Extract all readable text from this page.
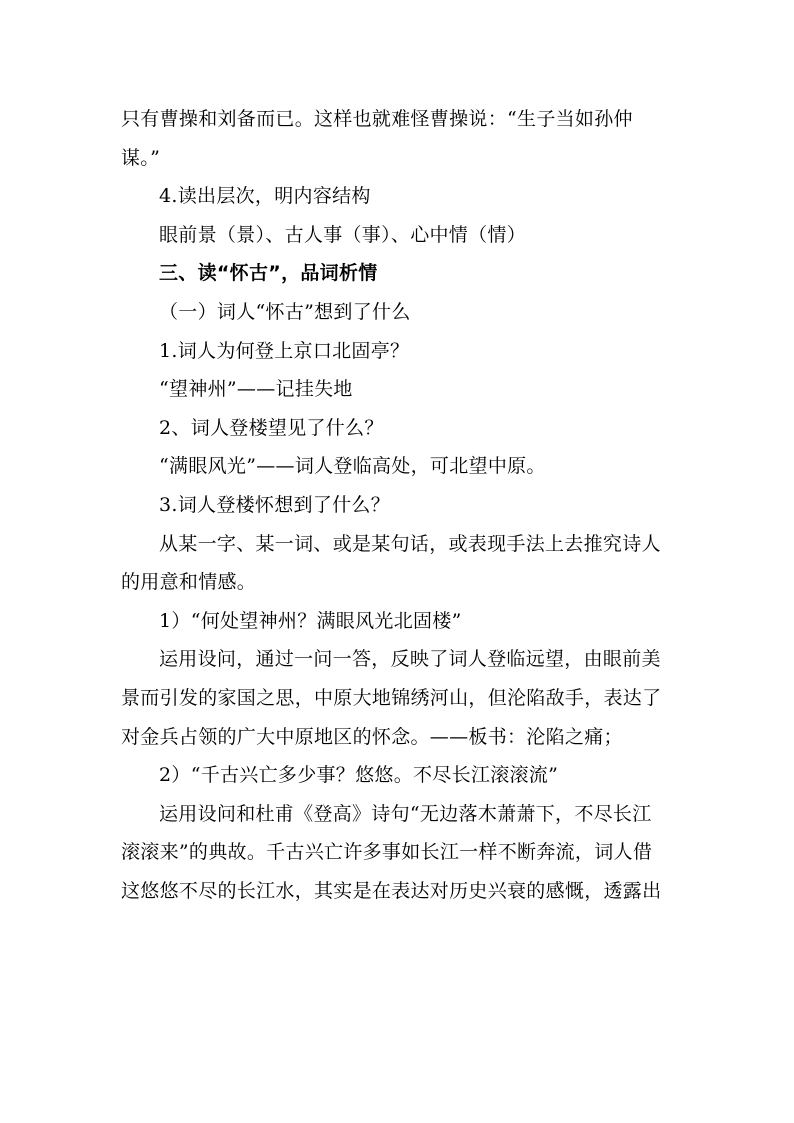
只有曹操和刘备而已。这样也就难怪曹操说：“生子当如孙仲
谋。”
4.读出层次，明内容结构
眼前景（景）、古人事（事）、心中情（情）
三、读“怀古”，品词析情
（一）词人“怀古”想到了什么
1.词人为何登上京口北固亭？
“望神州”——记挂失地
2、词人登楼望见了什么？
“满眼风光”——词人登临高处，可北望中原。
3.词人登楼怀想到了什么？
从某一字、某一词、或是某句话，或表现手法上去推究诗人
的用意和情感。
1）“何处望神州？满眼风光北固楼”
运用设问，通过一问一答，反映了词人登临远望，由眼前美
景而引发的家国之思，中原大地锦绣河山，但沦陷敌手，表达了
对金兵占领的广大中原地区的怀念。——板书：沦陷之痛；
2）“千古兴亡多少事？悠悠。不尽长江滚滚流”
运用设问和杜甫《登高》诗句“无边落木萧萧下，不尽长江
滚滚来”的典故。千古兴亡许多事如长江一样不断奔流，词人借
这悠悠不尽的长江水，其实是在表达对历史兴衰的感慨，透露出
